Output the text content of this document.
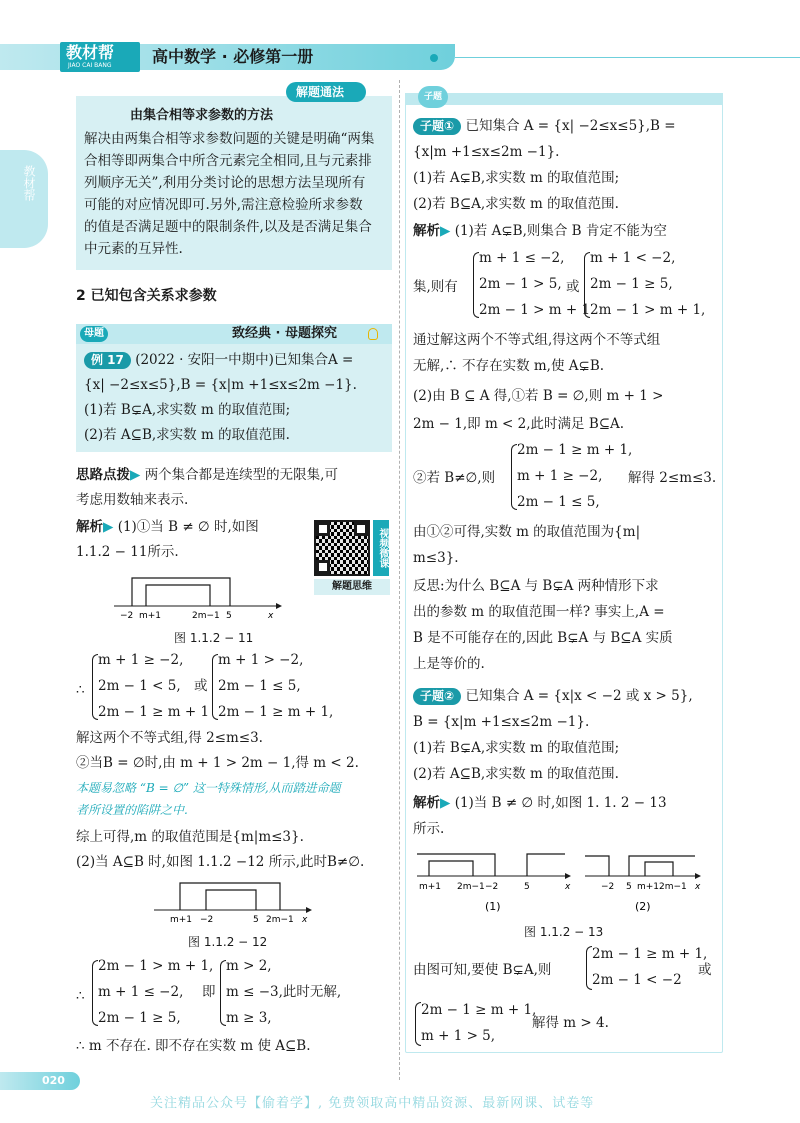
教材帮
JIAO CAI BANG	高中数学 · 必修第一册
教材帮
解题通法
由集合相等求参数的方法
解决由两集合相等求参数问题的关键是明确“两集
合相等即两集合中所含元素完全相同,且与元素排
列顺序无关”,利用分类讨论的思想方法呈现所有
可能的对应情况即可.另外,需注意检验所求参数
的值是否满足题中的限制条件,以及是否满足集合
中元素的互异性.
2 已知包含关系求参数
母题	致经典 · 母题探究
例 17 (2022 · 安阳一中期中)已知集合A =
{x| −2≤x≤5},B = {x|m +1≤x≤2m −1}.
(1)若 B⊊A,求实数 m 的取值范围;
(2)若 A⊆B,求实数 m 的取值范围.
思路点拨▶ 两个集合都是连续型的无限集,可
考虑用数轴来表示.
解析▶ (1)①当 B ≠ ∅ 时,如图
1.1.2 − 11所示.	视频微课
解题思维
−2 m+1	2m−1 5	x
图 1.1.2 − 11
∴
m + 1 ≥ −2,
2m − 1 < 5,
2m − 1 ≥ m + 1
或
m + 1 > −2,
2m − 1 ≤ 5,
2m − 1 ≥ m + 1,
解这两个不等式组,得 2≤m≤3.
②当B = ∅时,由 m + 1 > 2m − 1,得 m < 2.
本题易忽略 “B = ∅” 这一特殊情形,从而踏进命题
者所设置的陷阱之中.
综上可得,m 的取值范围是{m|m≤3}.
(2)当 A⊆B 时,如图 1.1.2 −12 所示,此时B≠∅.
m+1 −2	5 2m−1 x
图 1.1.2 − 12
∴
2m − 1 > m + 1,
m + 1 ≤ −2,
2m − 1 ≥ 5,
即
m > 2,
m ≤ −3,此时无解,
m ≥ 3,
∴ m 不存在. 即不存在实数 m 使 A⊆B.
子题
子题① 已知集合 A = {x| −2≤x≤5},B =
{x|m +1≤x≤2m −1}.
(1)若 A⊊B,求实数 m 的取值范围;
(2)若 B⊆A,求实数 m 的取值范围.
解析▶ (1)若 A⊊B,则集合 B 肯定不能为空
集,则有
m + 1 ≤ −2,
2m − 1 > 5,
2m − 1 > m + 1
或
m + 1 < −2,
2m − 1 ≥ 5,
2m − 1 > m + 1,
通过解这两个不等式组,得这两个不等式组
无解,∴ 不存在实数 m,使 A⊊B.
(2)由 B ⊆ A 得,①若 B = ∅,则 m + 1 >
2m − 1,即 m < 2,此时满足 B⊆A.
②若 B≠∅,则
2m − 1 ≥ m + 1,
m + 1 ≥ −2,
2m − 1 ≤ 5,
解得 2≤m≤3.
由①②可得,实数 m 的取值范围为{m|
m≤3}.
反思:为什么 B⊆A 与 B⊊A 两种情形下求
出的参数 m 的取值范围一样? 事实上,A =
B 是不可能存在的,因此 B⊊A 与 B⊆A 实质
上是等价的.
子题② 已知集合 A = {x|x < −2 或 x > 5},
B = {x|m +1≤x≤2m −1}.
(1)若 B⊊A,求实数 m 的取值范围;
(2)若 A⊆B,求实数 m 的取值范围.
解析▶ (1)当 B ≠ ∅ 时,如图 1. 1. 2 − 13
所示.
m+1 2m−1 −2	5	x
(1)
−2 5 m+1 2m−1 x
(2)
图 1.1.2 − 13
由图可知,要使 B⊊A,则
2m − 1 ≥ m + 1,
2m − 1 < −2
或
2m − 1 ≥ m + 1,
m + 1 > 5,
解得 m > 4.
020
关注精品公众号【偷着学】, 免费领取高中精品资源、最新网课、试卷等
